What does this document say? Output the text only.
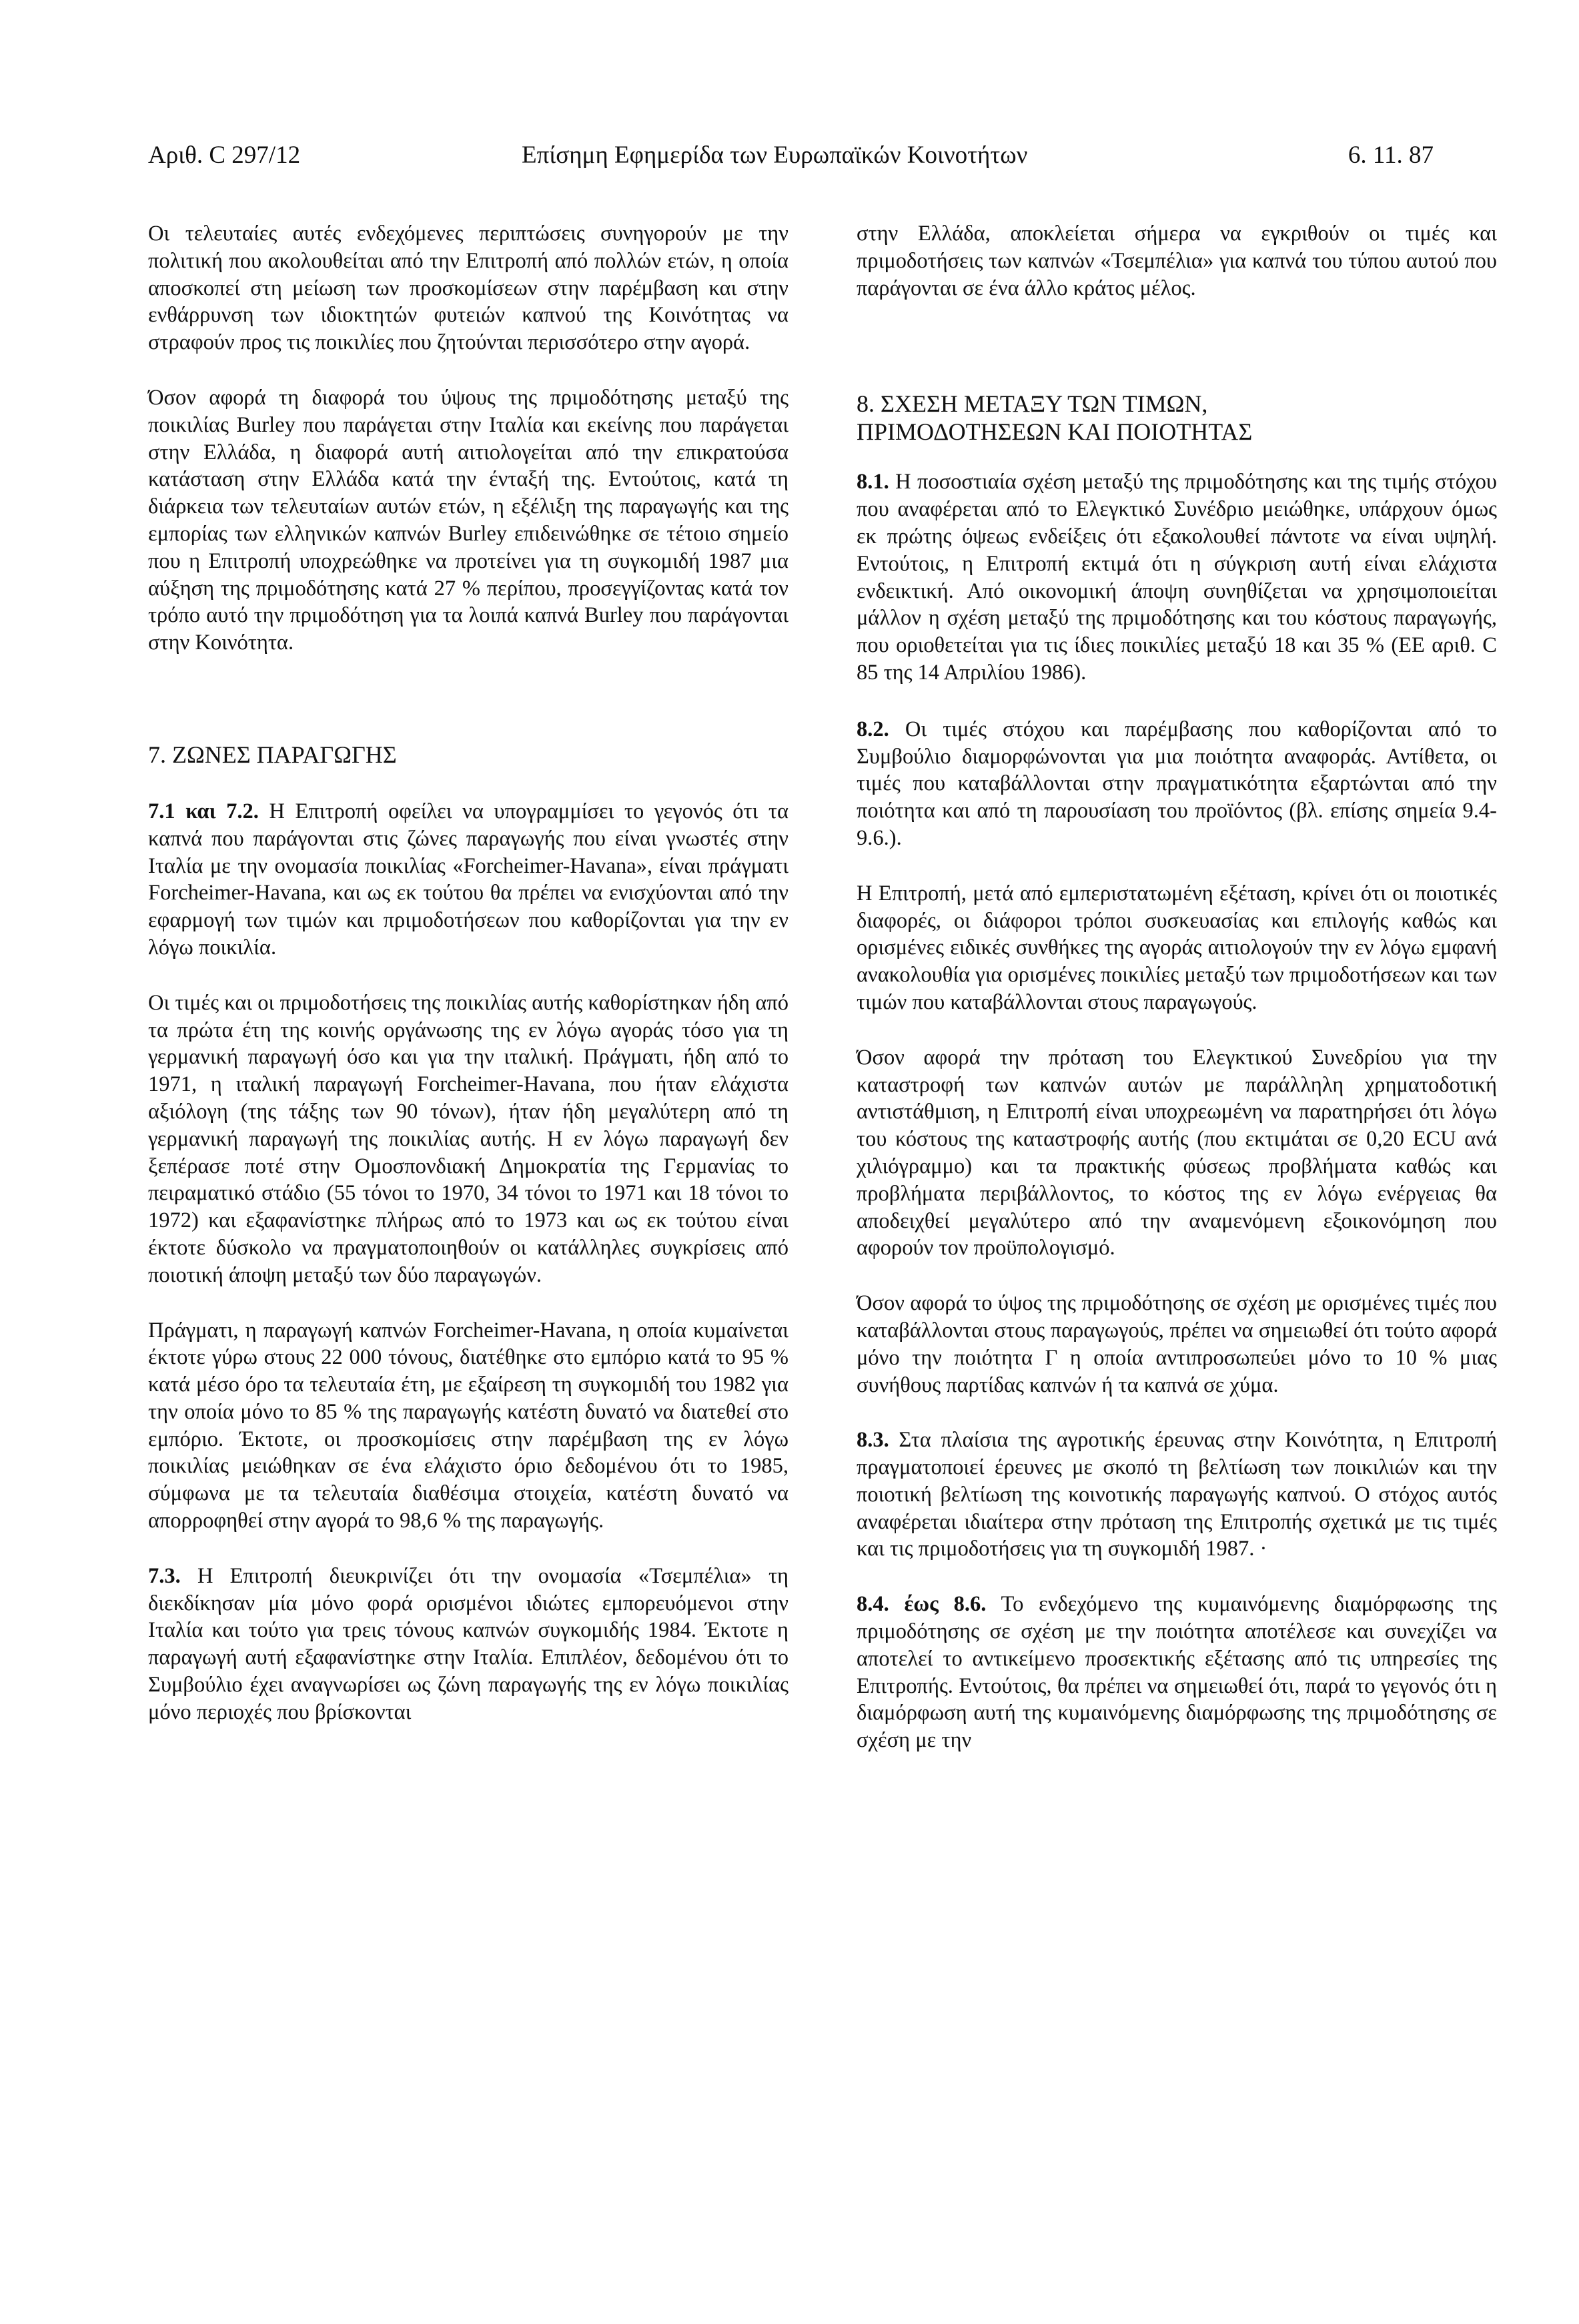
Αριθ. C 297/12	Επίσημη Εφημερίδα των Ευρωπαϊκών Κοινοτήτων	6. 11. 87

Οι τελευταίες αυτές ενδεχόμενες περιπτώσεις συνηγορούν με την πολιτική που ακολουθείται από την Επιτροπή από πολλών ετών, η οποία αποσκοπεί στη μείωση των προσκομίσεων στην παρέμβαση και στην ενθάρρυνση των ιδιοκτητών φυτειών καπνού της Κοινότητας να στραφούν προς τις ποικιλίες που ζητούνται περισσότερο στην αγορά.

Όσον αφορά τη διαφορά του ύψους της πριμοδότησης μεταξύ της ποικιλίας Burley που παράγεται στην Ιταλία και εκείνης που παράγεται στην Ελλάδα, η διαφορά αυτή αιτιολογείται από την επικρατούσα κατάσταση στην Ελλάδα κατά την ένταξή της. Εντούτοις, κατά τη διάρκεια των τελευταίων αυτών ετών, η εξέλιξη της παραγωγής και της εμπορίας των ελληνικών καπνών Burley επιδεινώθηκε σε τέτοιο σημείο που η Επιτροπή υποχρεώθηκε να προτείνει για τη συγκομιδή 1987 μια αύξηση της πριμοδότησης κατά 27 % περίπου, προσεγγίζοντας κατά τον τρόπο αυτό την πριμοδότηση για τα λοιπά καπνά Burley που παράγονται στην Κοινότητα.

7. ΖΩΝΕΣ ΠΑΡΑΓΩΓΗΣ

7.1 και 7.2. Η Επιτροπή οφείλει να υπογραμμίσει το γεγονός ότι τα καπνά που παράγονται στις ζώνες παραγωγής που είναι γνωστές στην Ιταλία με την ονομασία ποικιλίας «Forcheimer-Havana», είναι πράγματι Forcheimer-Havana, και ως εκ τούτου θα πρέπει να ενισχύονται από την εφαρμογή των τιμών και πριμοδοτήσεων που καθορίζονται για την εν λόγω ποικιλία.

Οι τιμές και οι πριμοδοτήσεις της ποικιλίας αυτής καθορίστηκαν ήδη από τα πρώτα έτη της κοινής οργάνωσης της εν λόγω αγοράς τόσο για τη γερμανική παραγωγή όσο και για την ιταλική. Πράγματι, ήδη από το 1971, η ιταλική παραγωγή Forcheimer-Havana, που ήταν ελάχιστα αξιόλογη (της τάξης των 90 τόνων), ήταν ήδη μεγαλύτερη από τη γερμανική παραγωγή της ποικιλίας αυτής. Η εν λόγω παραγωγή δεν ξεπέρασε ποτέ στην Ομοσπονδιακή Δημοκρατία της Γερμανίας το πειραματικό στάδιο (55 τόνοι το 1970, 34 τόνοι το 1971 και 18 τόνοι το 1972) και εξαφανίστηκε πλήρως από το 1973 και ως εκ τούτου είναι έκτοτε δύσκολο να πραγματοποιηθούν οι κατάλληλες συγκρίσεις από ποιοτική άποψη μεταξύ των δύο παραγωγών.

Πράγματι, η παραγωγή καπνών Forcheimer-Havana, η οποία κυμαίνεται έκτοτε γύρω στους 22 000 τόνους, διατέθηκε στο εμπόριο κατά το 95 % κατά μέσο όρο τα τελευταία έτη, με εξαίρεση τη συγκομιδή του 1982 για την οποία μόνο το 85 % της παραγωγής κατέστη δυνατό να διατεθεί στο εμπόριο. Έκτοτε, οι προσκομίσεις στην παρέμβαση της εν λόγω ποικιλίας μειώθηκαν σε ένα ελάχιστο όριο δεδομένου ότι το 1985, σύμφωνα με τα τελευταία διαθέσιμα στοιχεία, κατέστη δυνατό να απορροφηθεί στην αγορά το 98,6 % της παραγωγής.

7.3. Η Επιτροπή διευκρινίζει ότι την ονομασία «Τσεμπέλια» τη διεκδίκησαν μία μόνο φορά ορισμένοι ιδιώτες εμπορευόμενοι στην Ιταλία και τούτο για τρεις τόνους καπνών συγκομιδής 1984. Έκτοτε η παραγωγή αυτή εξαφανίστηκε στην Ιταλία. Επιπλέον, δεδομένου ότι το Συμβούλιο έχει αναγνωρίσει ως ζώνη παραγωγής της εν λόγω ποικιλίας μόνο περιοχές που βρίσκονται

στην Ελλάδα, αποκλείεται σήμερα να εγκριθούν οι τιμές και πριμοδοτήσεις των καπνών «Τσεμπέλια» για καπνά του τύπου αυτού που παράγονται σε ένα άλλο κράτος μέλος.

8. ΣΧΕΣΗ ΜΕΤΑΞΥ ΤΩΝ ΤΙΜΩΝ,

ΠΡΙΜΟΔΟΤΗΣΕΩΝ ΚΑΙ ΠΟΙΟΤΗΤΑΣ

8.1. Η ποσοστιαία σχέση μεταξύ της πριμοδότησης και της τιμής στόχου που αναφέρεται από το Ελεγκτικό Συνέδριο μειώθηκε, υπάρχουν όμως εκ πρώτης όψεως ενδείξεις ότι εξακολουθεί πάντοτε να είναι υψηλή. Εντούτοις, η Επιτροπή εκτιμά ότι η σύγκριση αυτή είναι ελάχιστα ενδεικτική. Από οικονομική άποψη συνηθίζεται να χρησιμοποιείται μάλλον η σχέση μεταξύ της πριμοδότησης και του κόστους παραγωγής, που οριοθετείται για τις ίδιες ποικιλίες μεταξύ 18 και 35 % (ΕΕ αριθ. C 85 της 14 Απριλίου 1986).

8.2. Οι τιμές στόχου και παρέμβασης που καθορίζονται από το Συμβούλιο διαμορφώνονται για μια ποιότητα αναφοράς. Αντίθετα, οι τιμές που καταβάλλονται στην πραγματικότητα εξαρτώνται από την ποιότητα και από τη παρουσίαση του προϊόντος (βλ. επίσης σημεία 9.4-9.6.).

Η Επιτροπή, μετά από εμπεριστατωμένη εξέταση, κρίνει ότι οι ποιοτικές διαφορές, οι διάφοροι τρόποι συσκευασίας και επιλογής καθώς και ορισμένες ειδικές συνθήκες της αγοράς αιτιολογούν την εν λόγω εμφανή ανακολουθία για ορισμένες ποικιλίες μεταξύ των πριμοδοτήσεων και των τιμών που καταβάλλονται στους παραγωγούς.

Όσον αφορά την πρόταση του Ελεγκτικού Συνεδρίου για την καταστροφή των καπνών αυτών με παράλληλη χρηματοδοτική αντιστάθμιση, η Επιτροπή είναι υποχρεωμένη να παρατηρήσει ότι λόγω του κόστους της καταστροφής αυτής (που εκτιμάται σε 0,20 ECU ανά χιλιόγραμμο) και τα πρακτικής φύσεως προβλήματα καθώς και προβλήματα περιβάλλοντος, το κόστος της εν λόγω ενέργειας θα αποδειχθεί μεγαλύτερο από την αναμενόμενη εξοικονόμηση που αφορούν τον προϋπολογισμό.

Όσον αφορά το ύψος της πριμοδότησης σε σχέση με ορισμένες τιμές που καταβάλλονται στους παραγωγούς, πρέπει να σημειωθεί ότι τούτο αφορά μόνο την ποιότητα Γ η οποία αντιπροσωπεύει μόνο το 10 % μιας συνήθους παρτίδας καπνών ή τα καπνά σε χύμα.

8.3. Στα πλαίσια της αγροτικής έρευνας στην Κοινότητα, η Επιτροπή πραγματοποιεί έρευνες με σκοπό τη βελτίωση των ποικιλιών και την ποιοτική βελτίωση της κοινοτικής παραγωγής καπνού. Ο στόχος αυτός αναφέρεται ιδιαίτερα στην πρόταση της Επιτροπής σχετικά με τις τιμές και τις πριμοδοτήσεις για τη συγκομιδή 1987. ·

8.4. έως 8.6. Το ενδεχόμενο της κυμαινόμενης διαμόρφωσης της πριμοδότησης σε σχέση με την ποιότητα αποτέλεσε και συνεχίζει να αποτελεί το αντικείμενο προσεκτικής εξέτασης από τις υπηρεσίες της Επιτροπής. Εντούτοις, θα πρέπει να σημειωθεί ότι, παρά το γεγονός ότι η διαμόρφωση αυτή της κυμαινόμενης διαμόρφωσης της πριμοδότησης σε σχέση με την
